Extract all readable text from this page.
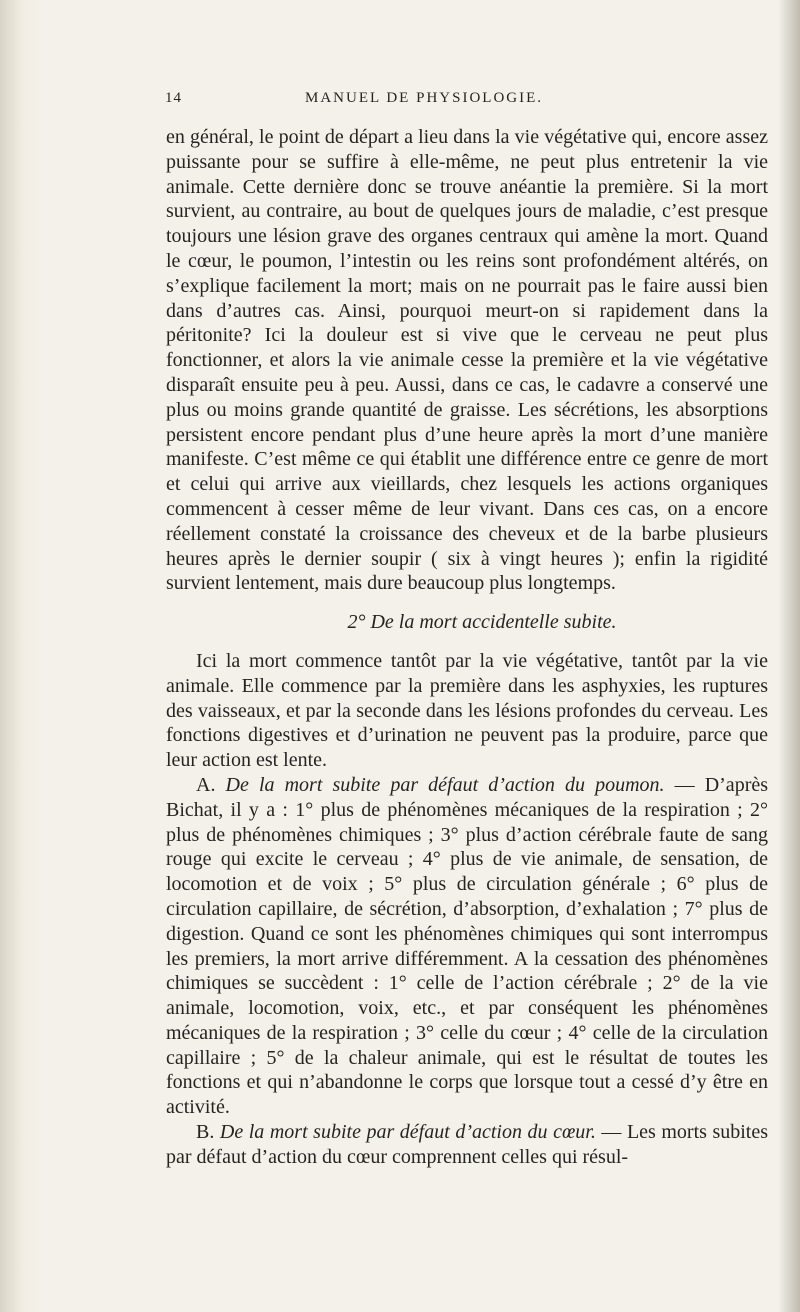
14	MANUEL DE PHYSIOLOGIE.

en général, le point de départ a lieu dans la vie végétative qui, encore assez puissante pour se suffire à elle-même, ne peut plus entretenir la vie animale. Cette dernière donc se trouve anéantie la première. Si la mort survient, au contraire, au bout de quelques jours de maladie, c’est presque toujours une lésion grave des organes centraux qui amène la mort. Quand le cœur, le poumon, l’intestin ou les reins sont profondément altérés, on s’explique facilement la mort; mais on ne pourrait pas le faire aussi bien dans d’autres cas. Ainsi, pourquoi meurt-on si rapidement dans la péritonite? Ici la douleur est si vive que le cerveau ne peut plus fonctionner, et alors la vie animale cesse la première et la vie végétative disparaît ensuite peu à peu. Aussi, dans ce cas, le cadavre a conservé une plus ou moins grande quantité de graisse. Les sécrétions, les absorptions persistent encore pendant plus d’une heure après la mort d’une manière manifeste. C’est même ce qui établit une différence entre ce genre de mort et celui qui arrive aux vieillards, chez lesquels les actions organiques commencent à cesser même de leur vivant. Dans ces cas, on a encore réellement constaté la croissance des cheveux et de la barbe plusieurs heures après le dernier soupir ( six à vingt heures ); enfin la rigidité survient lentement, mais dure beaucoup plus longtemps.

2° De la mort accidentelle subite.

Ici la mort commence tantôt par la vie végétative, tantôt par la vie animale. Elle commence par la première dans les asphyxies, les ruptures des vaisseaux, et par la seconde dans les lésions profondes du cerveau. Les fonctions digestives et d’urination ne peuvent pas la produire, parce que leur action est lente.

A. De la mort subite par défaut d’action du poumon. — D’après Bichat, il y a : 1° plus de phénomènes mécaniques de la respiration ; 2° plus de phénomènes chimiques ; 3° plus d’action cérébrale faute de sang rouge qui excite le cerveau ; 4° plus de vie animale, de sensation, de locomotion et de voix ; 5° plus de circulation générale ; 6° plus de circulation capillaire, de sécrétion, d’absorption, d’exhalation ; 7° plus de digestion. Quand ce sont les phénomènes chimiques qui sont interrompus les premiers, la mort arrive différemment. A la cessation des phénomènes chimiques se succèdent : 1° celle de l’action cérébrale ; 2° de la vie animale, locomotion, voix, etc., et par conséquent les phénomènes mécaniques de la respiration ; 3° celle du cœur ; 4° celle de la circulation capillaire ; 5° de la chaleur animale, qui est le résultat de toutes les fonctions et qui n’abandonne le corps que lorsque tout a cessé d’y être en activité.

B. De la mort subite par défaut d’action du cœur. — Les morts subites par défaut d’action du cœur comprennent celles qui résul-
